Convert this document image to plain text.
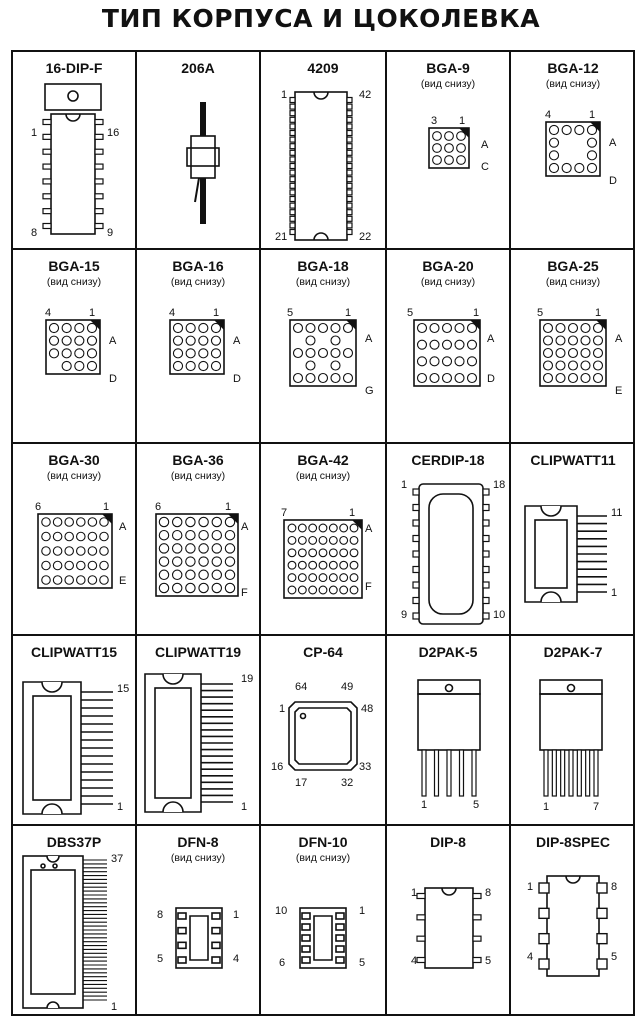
ТИП КОРПУСА И ЦОКОЛЕВКА
16-DIP-F
1	16
8	9
206A	4209
1	42
21	22
BGA-9
(вид снизу)
3 1
A
C
BGA-12
(вид снизу)
4	1
A
D
BGA-15
(вид снизу)
4	1
A
D
BGA-16
(вид снизу)
4	1
A
D
BGA-18
(вид снизу)
5	1
A
G
BGA-20
(вид снизу)
5	1
A
D
BGA-25
(вид снизу)
5	1
A
E
BGA-30
(вид снизу)
6	1
A
E
BGA-36
(вид снизу)
6	1
A
F
BGA-42
(вид снизу)
7	1
A
F
CERDIP-18
1	18
9	10
CLIPWATT11
11
1
CLIPWATT15
15
1
CLIPWATT19
19
1
CP-64
64	49
1	48
16	33
17	32
D2PAK-5
1	5
D2PAK-7
1	7
DBS37P
37
1
DFN-8
(вид снизу)
8	1
5	4
DFN-10
(вид снизу)
10	1
6	5
DIP-8
1	8
4	5
DIP-8SPEC
1	8
4	5
